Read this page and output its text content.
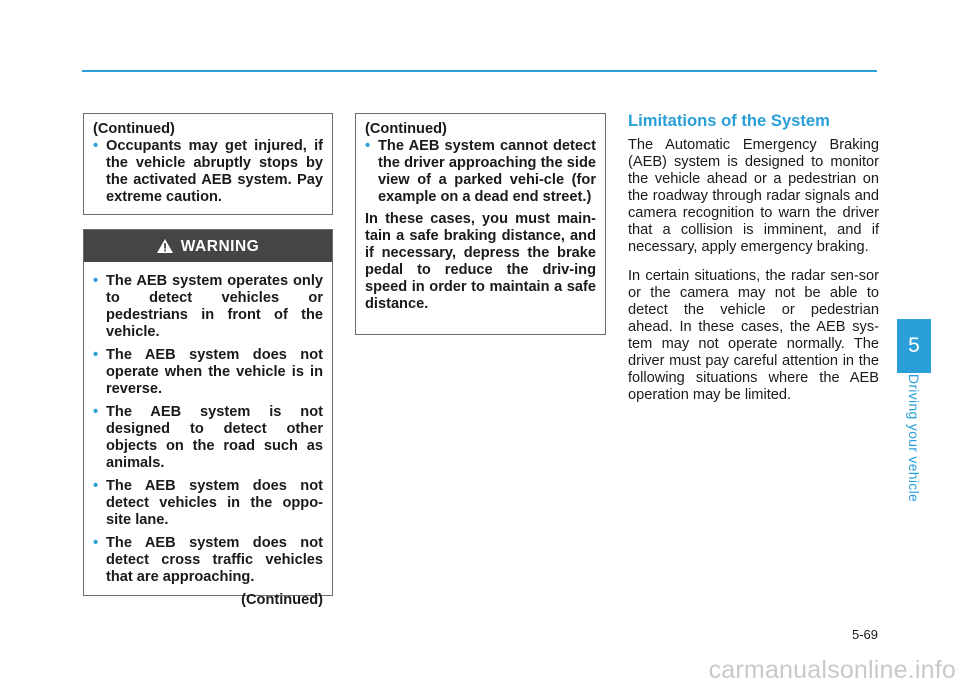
(Continued)

• Occupants may get injured, if the vehicle abruptly stops by the activated AEB system. Pay extreme caution.
WARNING
• The AEB system operates only to detect vehicles or pedestrians in front of the vehicle.
• The AEB system does not operate when the vehicle is in reverse.
• The AEB system is not designed to detect other objects on the road such as animals.
• The AEB system does not detect vehicles in the oppo-site lane.
• The AEB system does not detect cross traffic vehicles that are approaching.

(Continued)

(Continued)

• The AEB system cannot detect the driver approaching the side view of a parked vehi-cle (for example on a dead end street.)

In these cases, you must main-tain a safe braking distance, and if necessary, depress the brake pedal to reduce the driv-ing speed in order to maintain a safe distance.

Limitations of the System

The Automatic Emergency Braking (AEB) system is designed to monitor the vehicle ahead or a pedestrian on the roadway through radar signals and camera recognition to warn the driver that a collision is imminent, and if necessary, apply emergency braking.

In certain situations, the radar sen-sor or the camera may not be able to detect the vehicle or pedestrian ahead. In these cases, the AEB sys-tem may not operate normally. The driver must pay careful attention in the following situations where the AEB operation may be limited.

5
Driving your vehicle
5-69
carmanualsonline.info
